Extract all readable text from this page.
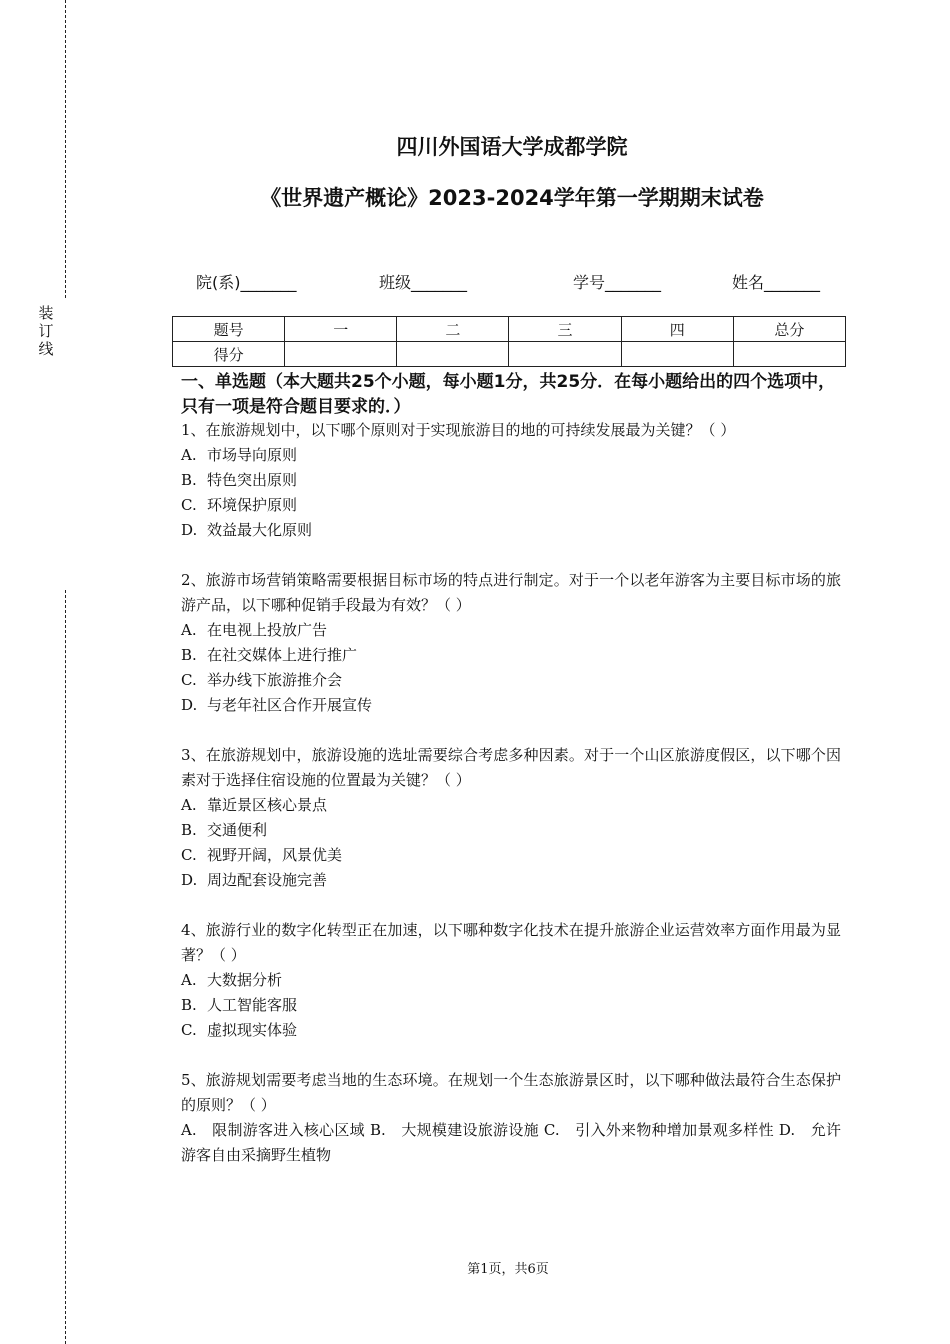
装
订
线
四川外国语大学成都学院
《世界遗产概论》2023-2024学年第一学期期末试卷
院(系)_______	班级_______	学号_______	姓名_______
题号	一	二	三	四	总分
得分					
一、单选题（本大题共25个小题，每小题1分，共25分．在每小题给出的四个选项中，只有一项是符合题目要求的．）
1、在旅游规划中，以下哪个原则对于实现旅游目的地的可持续发展最为关键？（ ）
A. 市场导向原则
B. 特色突出原则
C. 环境保护原则
D. 效益最大化原则
2、旅游市场营销策略需要根据目标市场的特点进行制定。对于一个以老年游客为主要目标市场的旅游产品，以下哪种促销手段最为有效？（ ）
A. 在电视上投放广告
B. 在社交媒体上进行推广
C. 举办线下旅游推介会
D. 与老年社区合作开展宣传
3、在旅游规划中，旅游设施的选址需要综合考虑多种因素。对于一个山区旅游度假区，以下哪个因素对于选择住宿设施的位置最为关键？（ ）
A. 靠近景区核心景点
B. 交通便利
C. 视野开阔，风景优美
D. 周边配套设施完善
4、旅游行业的数字化转型正在加速，以下哪种数字化技术在提升旅游企业运营效率方面作用最为显著？（ ）
A. 大数据分析
B. 人工智能客服
C. 虚拟现实体验
5、旅游规划需要考虑当地的生态环境。在规划一个生态旅游景区时，以下哪种做法最符合生态保护的原则？（ ）
A.　限制游客进入核心区域 B.　大规模建设旅游设施 C.　引入外来物种增加景观多样性 D.　允许游客自由采摘野生植物
第1页，共6页
